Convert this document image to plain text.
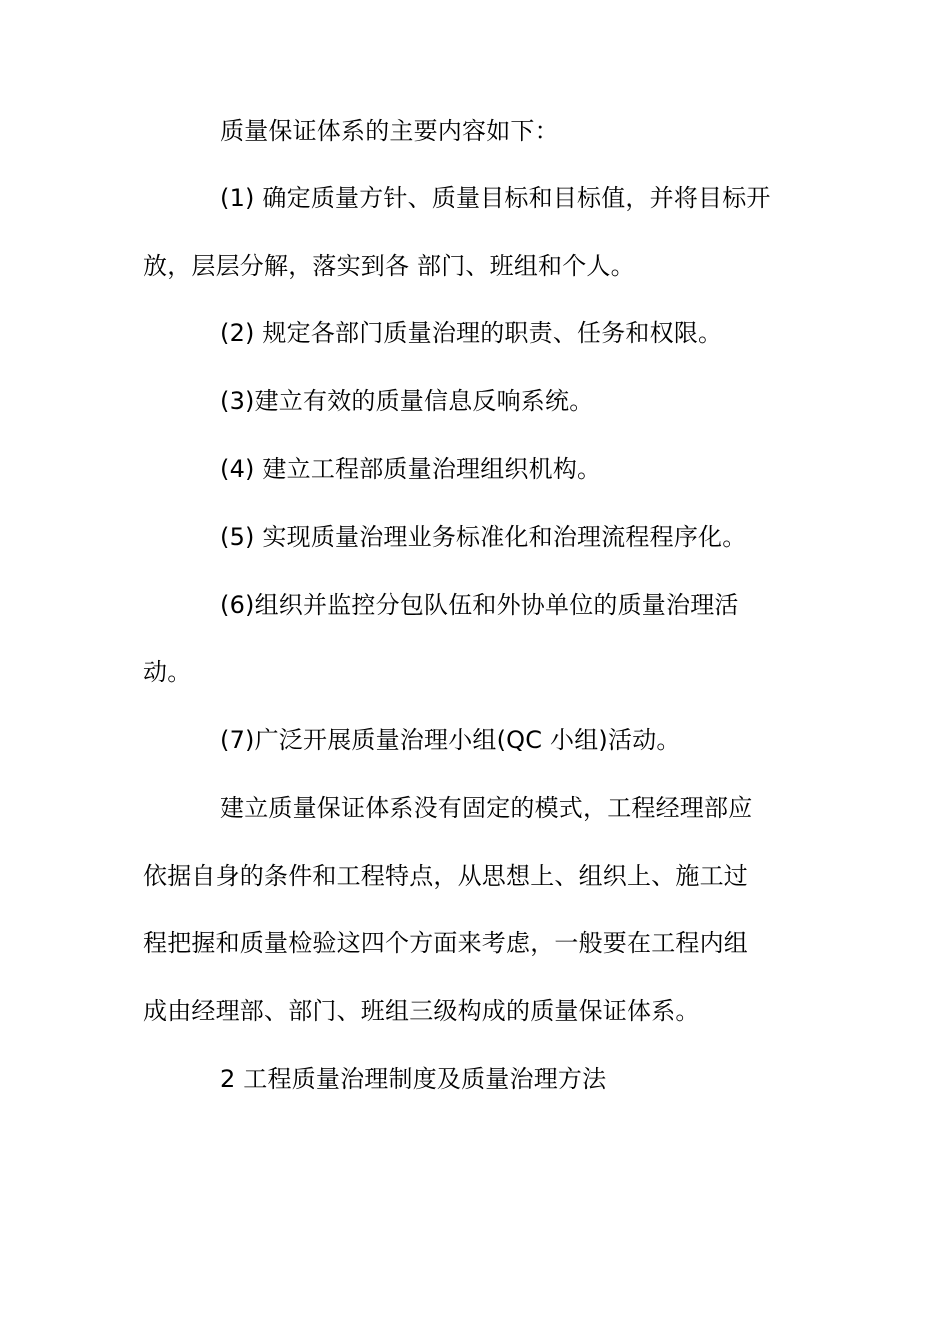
质量保证体系的主要内容如下：
(1) 确定质量方针、质量目标和目标值，并将目标开
放，层层分解，落实到各 部门、班组和个人。
(2) 规定各部门质量治理的职责、任务和权限。
(3)建立有效的质量信息反响系统。
(4) 建立工程部质量治理组织机构。
(5) 实现质量治理业务标准化和治理流程程序化。
(6)组织并监控分包队伍和外协单位的质量治理活
动。
(7)广泛开展质量治理小组(QC 小组)活动。
建立质量保证体系没有固定的模式，工程经理部应
依据自身的条件和工程特点，从思想上、组织上、施工过
程把握和质量检验这四个方面来考虑，一般要在工程内组
成由经理部、部门、班组三级构成的质量保证体系。
2 工程质量治理制度及质量治理方法
